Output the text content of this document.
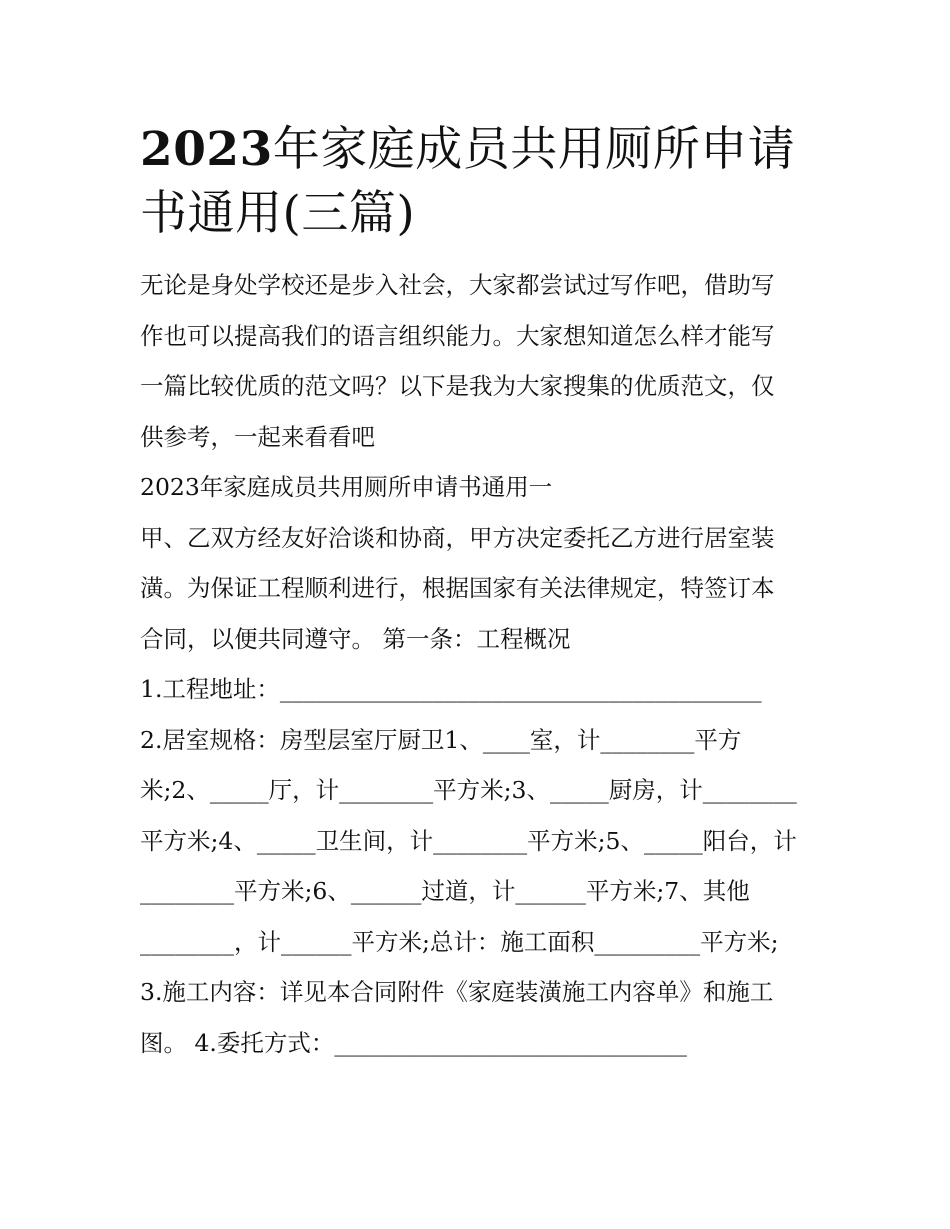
2023年家庭成员共用厕所申请
书通用(三篇)

无论是身处学校还是步入社会，大家都尝试过写作吧，借助写

作也可以提高我们的语言组织能力。大家想知道怎么样才能写

一篇比较优质的范文吗？以下是我为大家搜集的优质范文，仅

供参考，一起来看看吧

2023年家庭成员共用厕所申请书通用一

甲、乙双方经友好洽谈和协商，甲方决定委托乙方进行居室装

潢。为保证工程顺利进行，根据国家有关法律规定，特签订本

合同，以便共同遵守。 第一条：工程概况

1.工程地址：_________________________________________

2.居室规格：房型层室厅厨卫1、____室，计________平方

米;2、_____厅，计________平方米;3、_____厨房，计________

平方米;4、_____卫生间，计________平方米;5、_____阳台，计

________平方米;6、______过道，计______平方米;7、其他

________，计______平方米;总计：施工面积_________平方米;

3.施工内容：详见本合同附件《家庭装潢施工内容单》和施工

图。 4.委托方式：______________________________
